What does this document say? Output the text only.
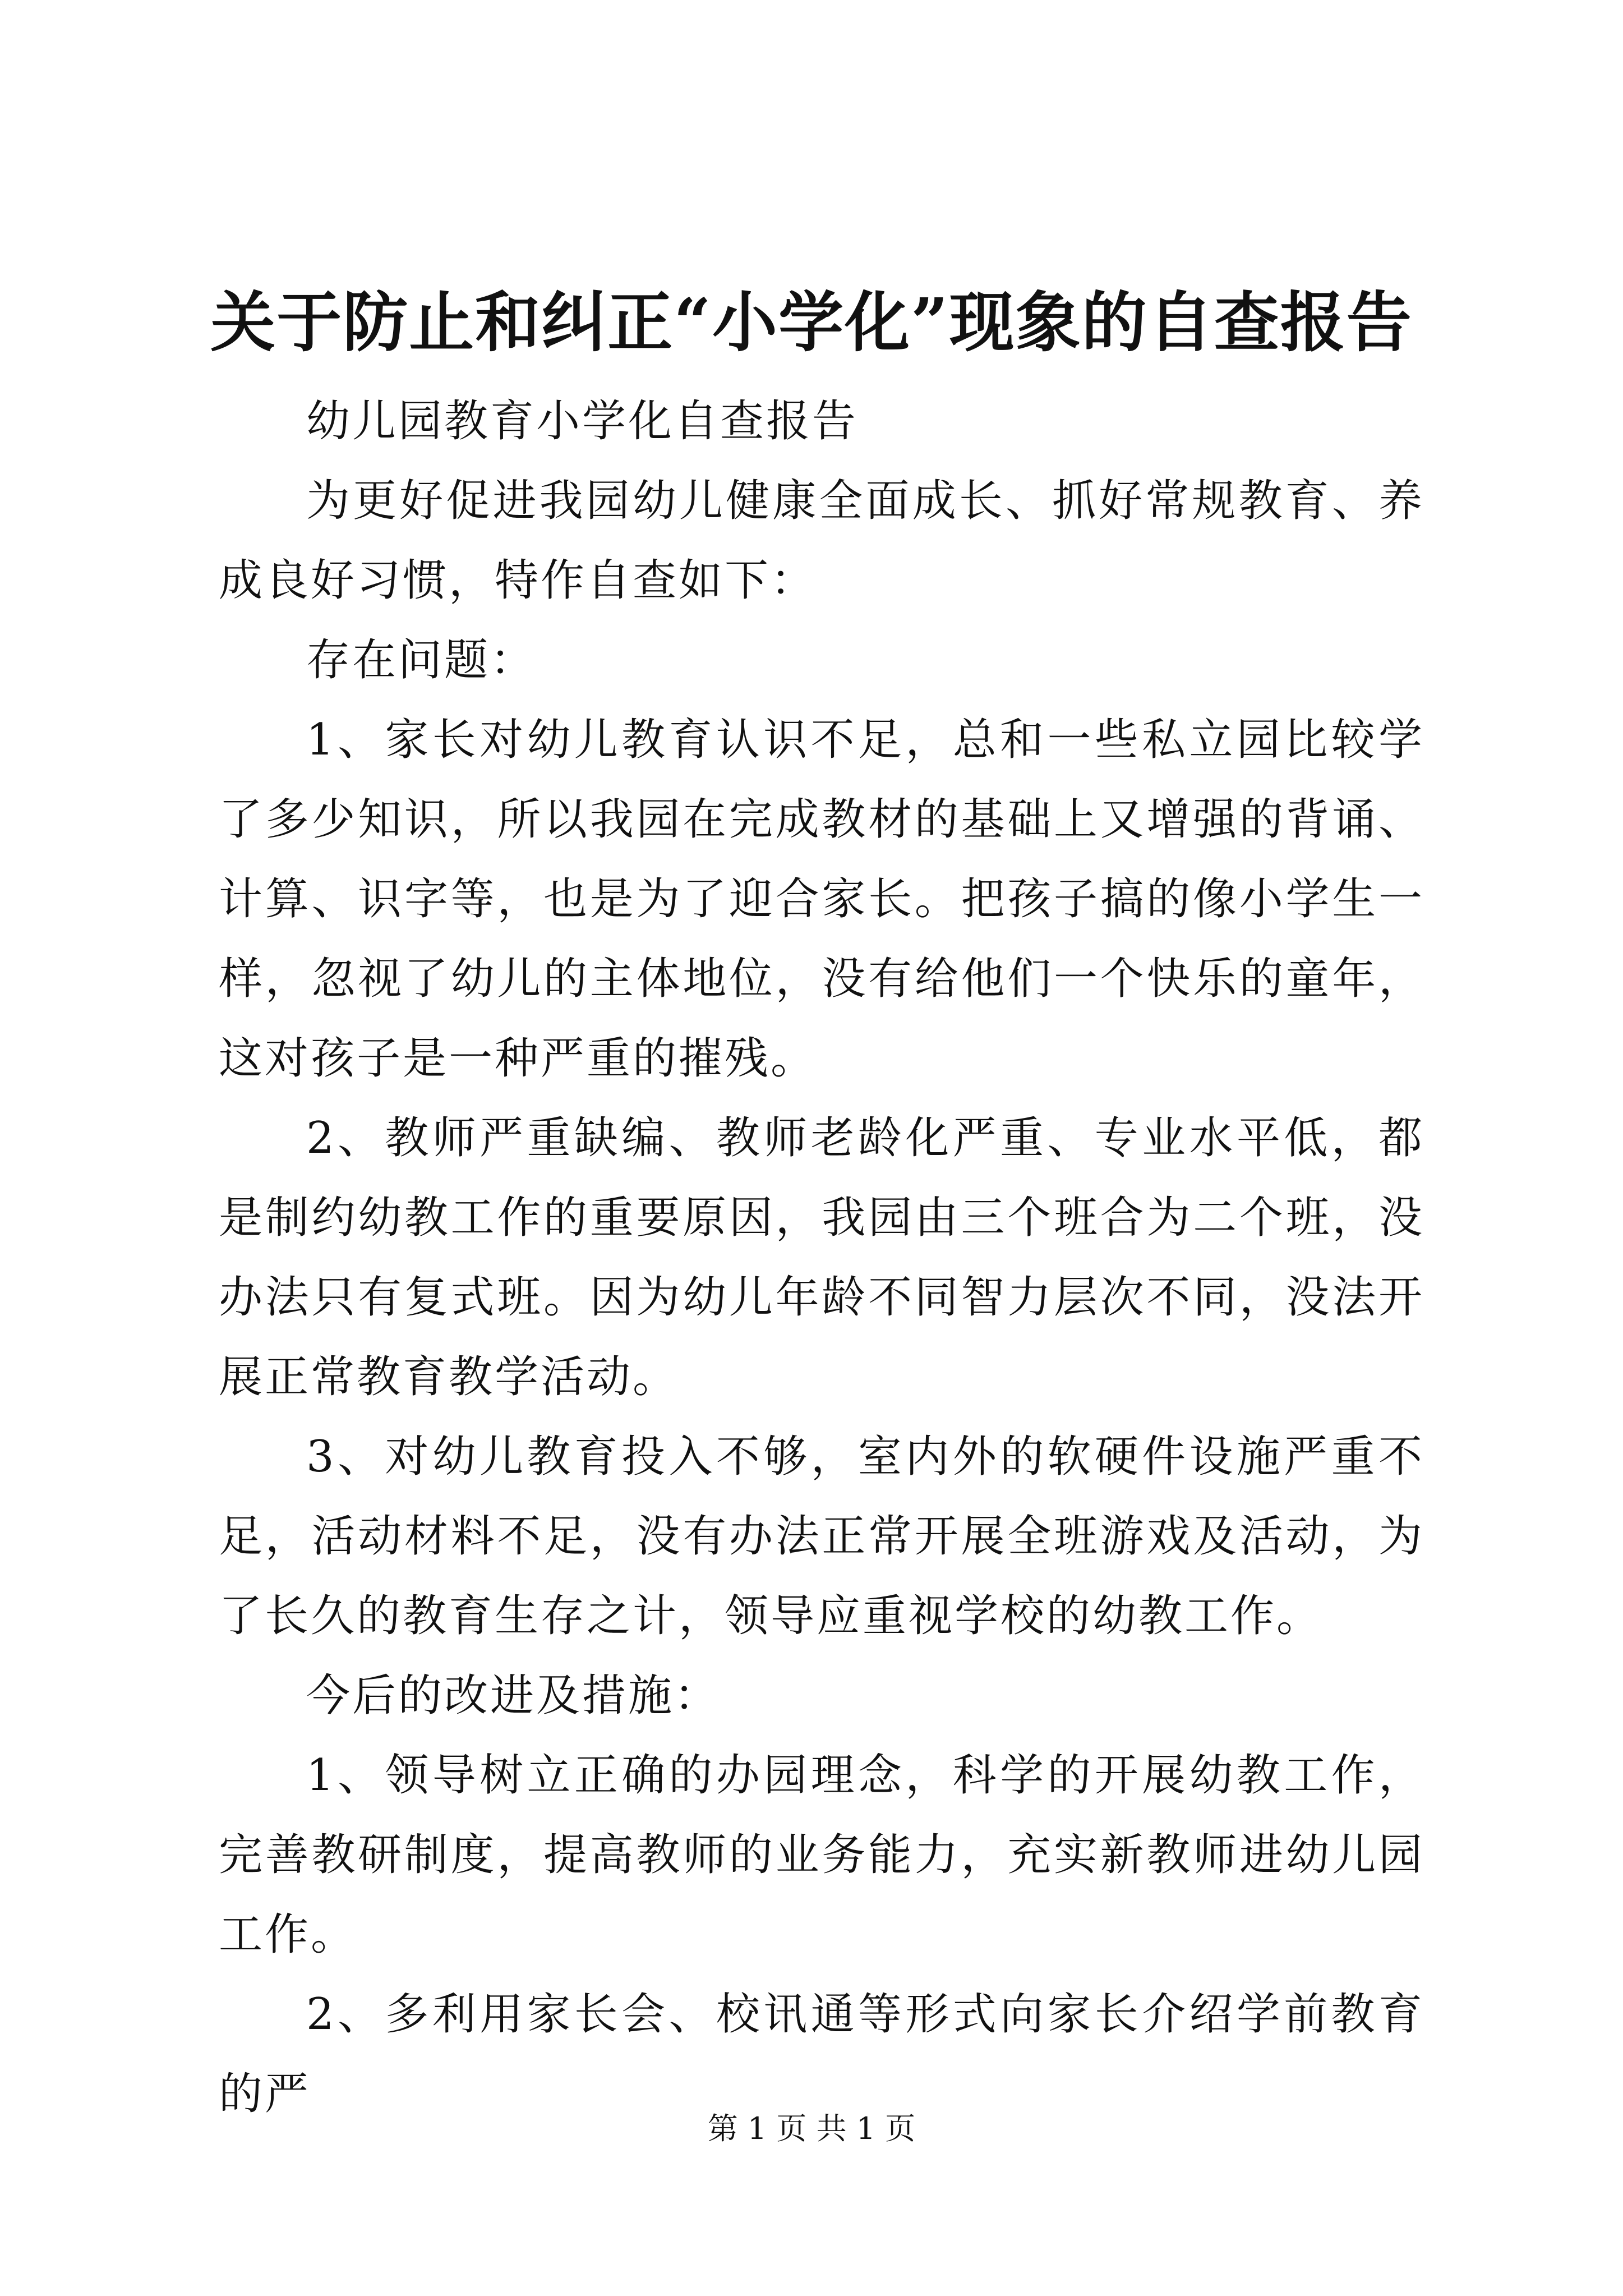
关于防止和纠正“小学化”现象的自查报告

幼儿园教育小学化自查报告

为更好促进我园幼儿健康全面成长、抓好常规教育、养成良好习惯，特作自查如下：

存在问题：

1、家长对幼儿教育认识不足，总和一些私立园比较学了多少知识，所以我园在完成教材的基础上又增强的背诵、计算、识字等，也是为了迎合家长。把孩子搞的像小学生一样，忽视了幼儿的主体地位，没有给他们一个快乐的童年，这对孩子是一种严重的摧残。

2、教师严重缺编、教师老龄化严重、专业水平低，都是制约幼教工作的重要原因，我园由三个班合为二个班，没办法只有复式班。因为幼儿年龄不同智力层次不同，没法开展正常教育教学活动。

3、对幼儿教育投入不够，室内外的软硬件设施严重不足，活动材料不足，没有办法正常开展全班游戏及活动，为了长久的教育生存之计，领导应重视学校的幼教工作。

今后的改进及措施：

1、领导树立正确的办园理念，科学的开展幼教工作，完善教研制度，提高教师的业务能力，充实新教师进幼儿园工作。

2、多利用家长会、校讯通等形式向家长介绍学前教育的严

第 1 页 共 1 页
